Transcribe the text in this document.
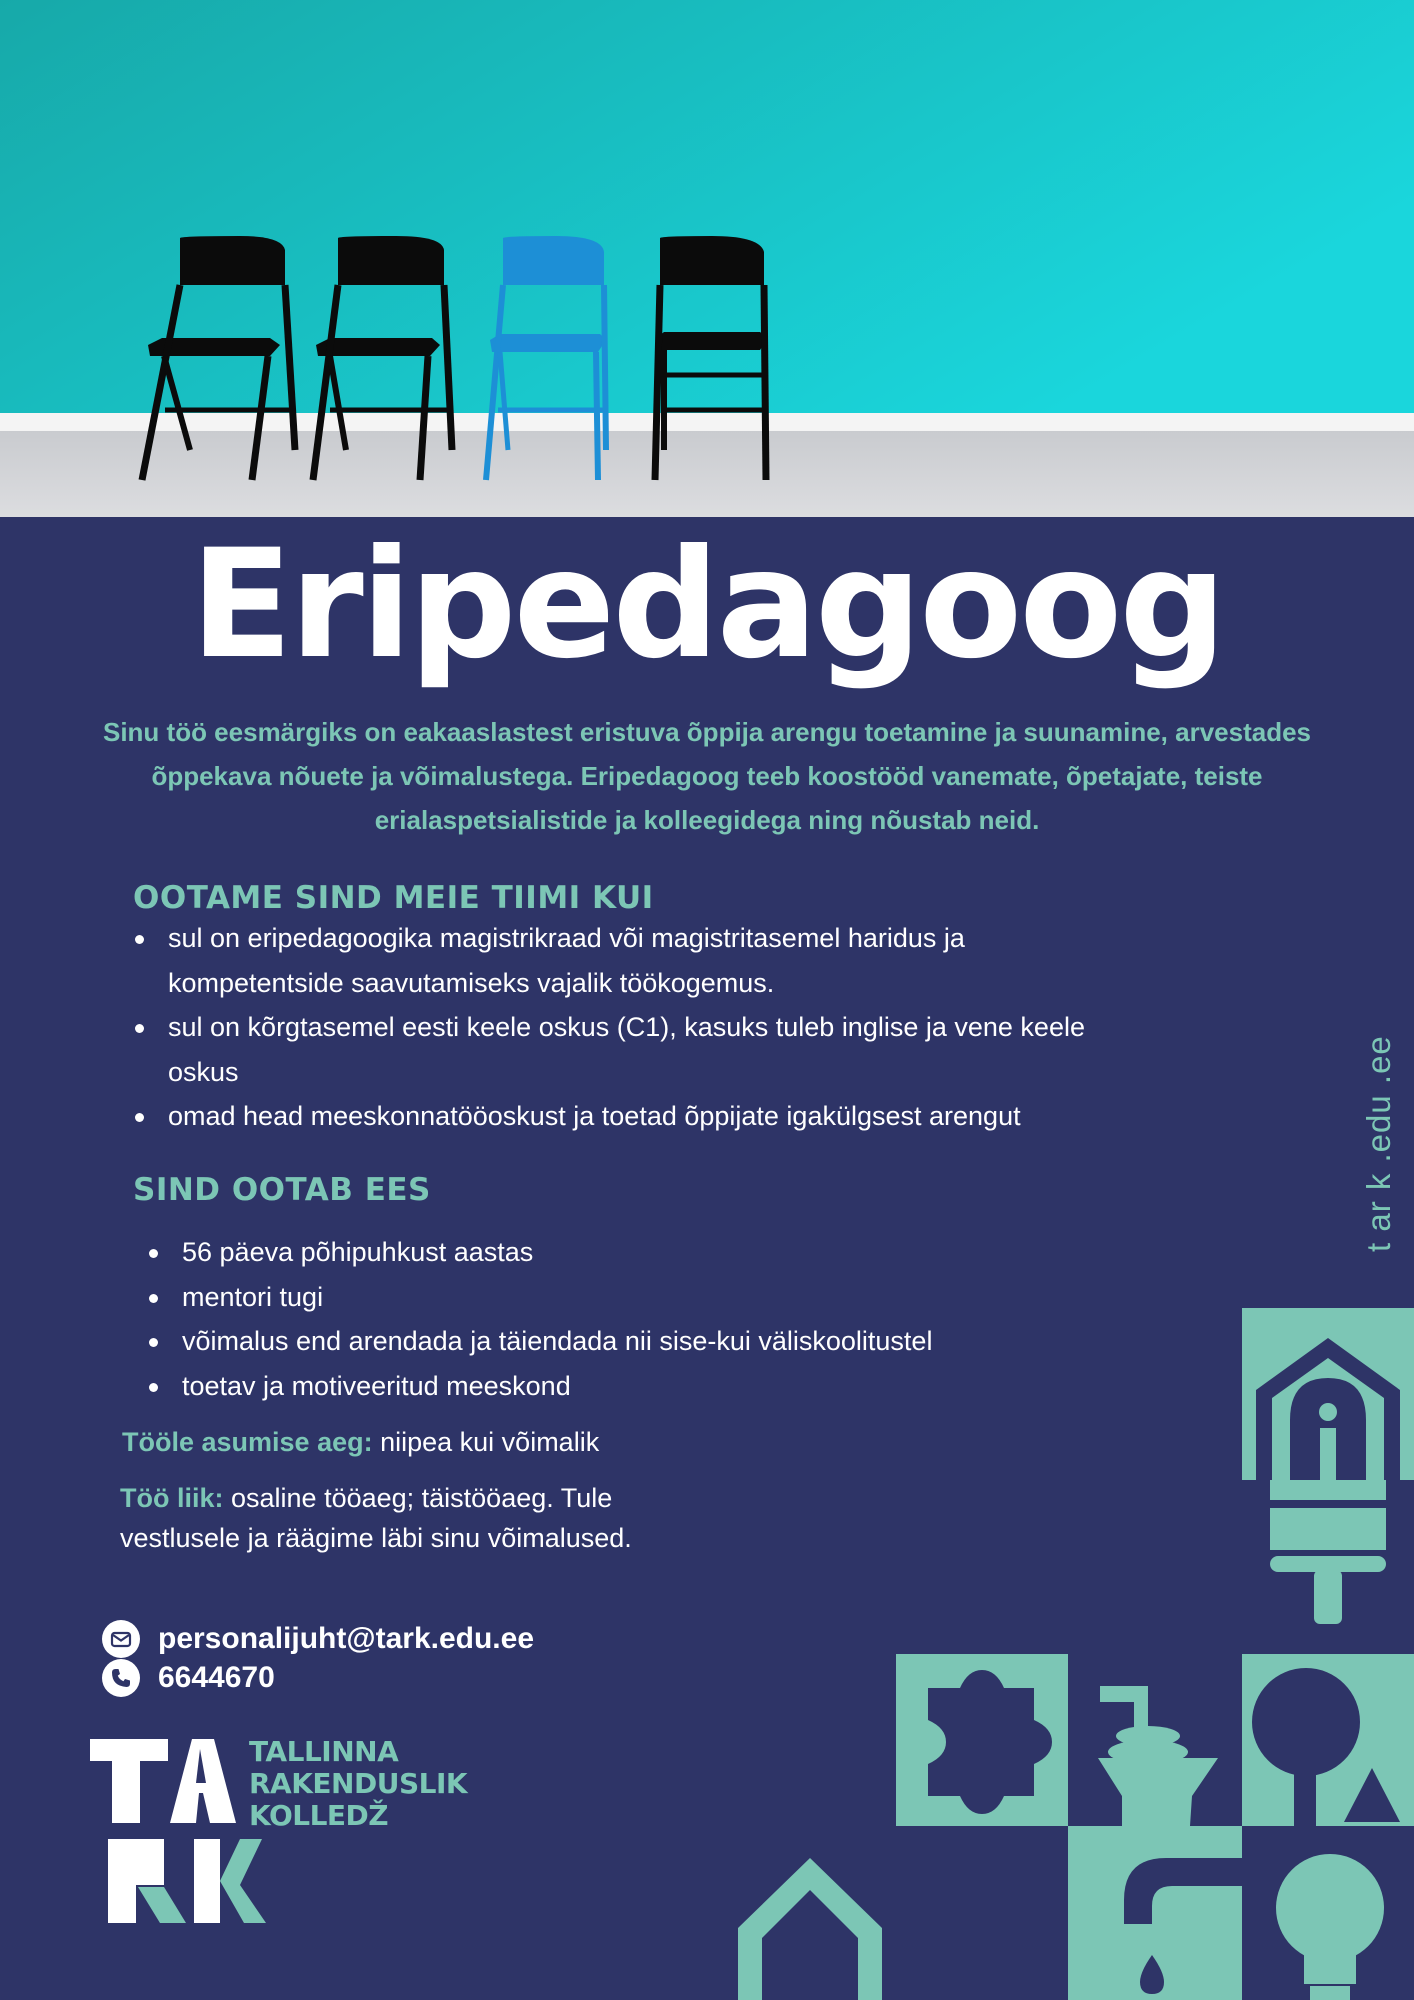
Eripedagoog

Sinu töö eesmärgiks on eakaaslastest eristuva õppija arengu toetamine ja suunamine, arvestades õppekava nõuete ja võimalustega. Eripedagoog teeb koostööd vanemate, õpetajate, teiste erialaspetsialistide ja kolleegidega ning nõustab neid.

OOTAME SIND MEIE TIIMI KUI
sul on eripedagoogika magistrikraad või magistritasemel haridus ja kompetentside saavutamiseks vajalik töökogemus.
sul on kõrgtasemel eesti keele oskus (C1), kasuks tuleb inglise ja vene keele oskus
omad head meeskonnatööoskust ja toetad õppijate igakülgsest arengut
SIND OOTAB EES
56 päeva põhipuhkust aastas
mentori tugi
võimalus end arendada ja täiendada nii sise-kui väliskoolitustel
toetav ja motiveeritud meeskond

Tööle asumise aeg: niipea kui võimalik

Töö liik: osaline tööaeg; täistööaeg. Tule vestlusele ja räägime läbi sinu võimalused.

personalijuht@tark.edu.ee
6644670

TALLINNA
RAKENDUSLIK
KOLLEDŽ

t ar k .edu .ee
